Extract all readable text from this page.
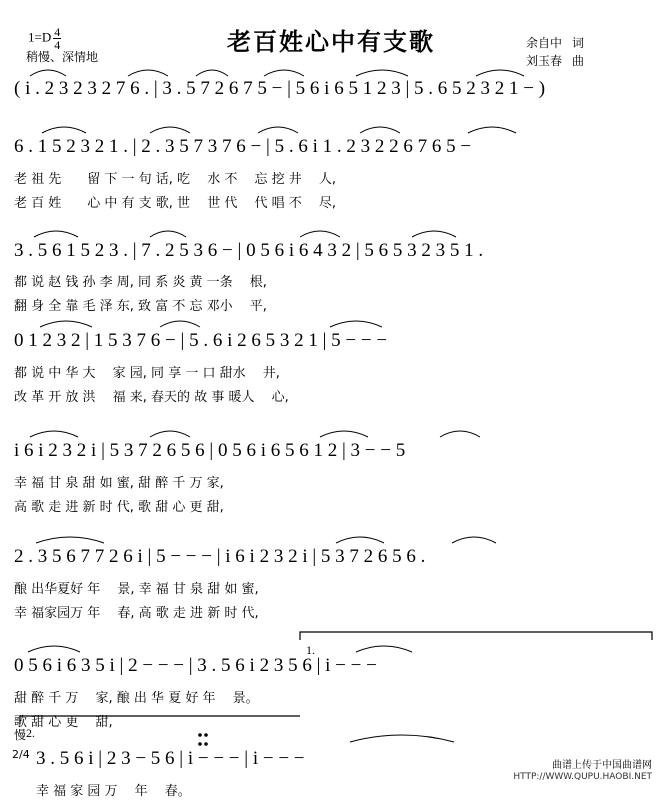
$1=D \frac{4}{4}$
稍慢、深情地
老百姓心中有支歌	余自中 词
刘玉春 曲
( i . 2 3 2 3 2 7 6 . | 3 . 5 7 2 6 7 5 − | 5 6 i 6 5 1 2 3 | 5 . 6 5 2 3 2 1 − )
6 . 1 5 2 3 2 1 . | 2 . 3 5 7 3 7 6 − | 5 . 6 i 1 . 2 3 2 2 6 7 6 5 −
老 祖 先　　留 下 一 句 话, 吃　 水 不　 忘 挖 井　 人,
老 百 姓　　心 中 有 支 歌, 世　 世 代　 代 唱 不　 尽,
3 . 5 6 1 5 2 3 . | 7 . 2 5 3 6 − | 0 5 6 i 6 4 3 2 | 5 6 5 3 2 3 5 1 .
都 说 赵 钱 孙 李 周, 同 系 炎 黄 一条　 根,
翻 身 全 靠 毛 泽 东, 致 富 不 忘 邓小　 平,
0 1 2 3 2 | 1 5 3 7 6 − | 5 . 6 i 2 6 5 3 2 1 | 5 − − −
都 说 中 华 大　 家 园, 同 享 一 口 甜水　 井,
改 革 开 放 洪　 福 来, 春天的 故 事 暖人　 心,
i 6 i 2 3 2 i | 5 3 7 2 6 5 6 | 0 5 6 i 6 5 6 1 2 | 3 − − 5
幸 福 甘 泉 甜 如 蜜, 甜 醉 千 万 家,
高 歌 走 进 新 时 代, 歌 甜 心 更 甜,
2 . 3 5 6 7 7 2 6 i | 5 − − − | i 6 i 2 3 2 i | 5 3 7 2 6 5 6 .
酿 出华夏好 年　 景, 幸 福 甘 泉 甜 如 蜜,
幸 福家园万 年　 春, 高 歌 走 进 新 时 代,
0 5 6 i 6 3 5 i | 2 − − − | 3 . 5 6 i 2 3 5 6 | i − − −
甜 醉 千 万　 家, 酿 出 华 夏 好 年　 景。
歌 甜 心 更　 甜,
慢
2/4
1.
2.
3 . 5 6 i | 2 3 − 5 6 | i − − − | i − − −
幸 福 家 园 万　 年　 春。
曲谱上传于中国曲谱网
HTTP://WWW.QUPU.HAOBI.NET
